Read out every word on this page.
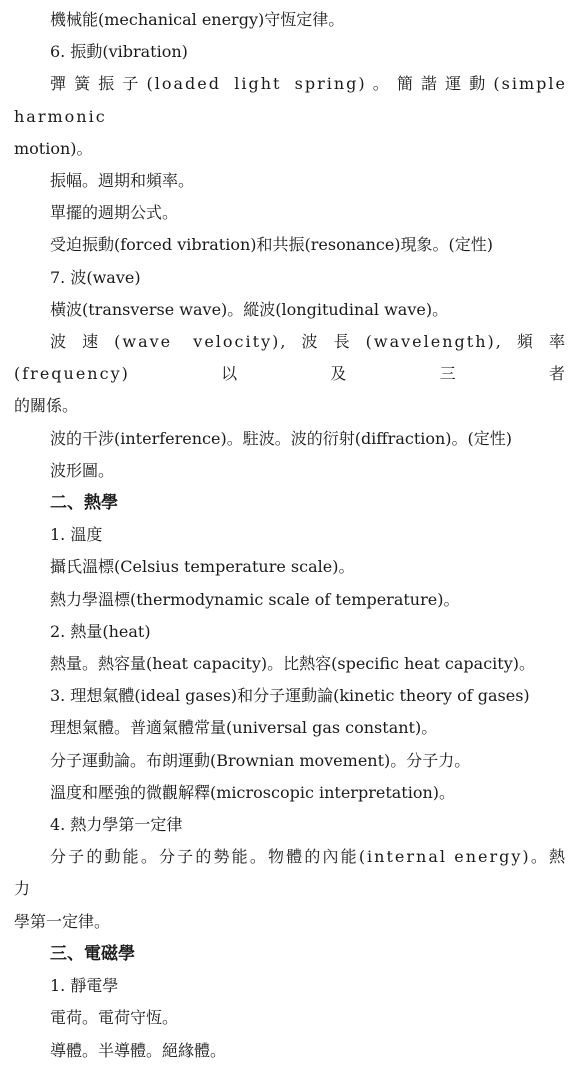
機械能(mechanical energy)守恆定律。

6. 振動(vibration)

彈簧振子(loaded light spring)。簡諧運動(simple harmonic

motion)。

振幅。週期和頻率。

單擺的週期公式。

受迫振動(forced vibration)和共振(resonance)現象。(定性)

7. 波(wave)

橫波(transverse wave)。縱波(longitudinal wave)。

波速(wave velocity),波長(wavelength),頻率(frequency)以及三者

的關係。

波的干涉(interference)。駐波。波的衍射(diffraction)。(定性)

波形圖。

二、熱學

1. 溫度

攝氏溫標(Celsius temperature scale)。

熱力學溫標(thermodynamic scale of temperature)。

2. 熱量(heat)

熱量。熱容量(heat capacity)。比熱容(specific heat capacity)。

3. 理想氣體(ideal gases)和分子運動論(kinetic theory of gases)

理想氣體。普適氣體常量(universal gas constant)。

分子運動論。布朗運動(Brownian movement)。分子力。

溫度和壓強的微觀解釋(microscopic interpretation)。

4. 熱力學第一定律

分子的動能。分子的勢能。物體的內能(internal energy)。熱力

學第一定律。

三、電磁學

1. 靜電學

電荷。電荷守恆。

導體。半導體。絕緣體。
